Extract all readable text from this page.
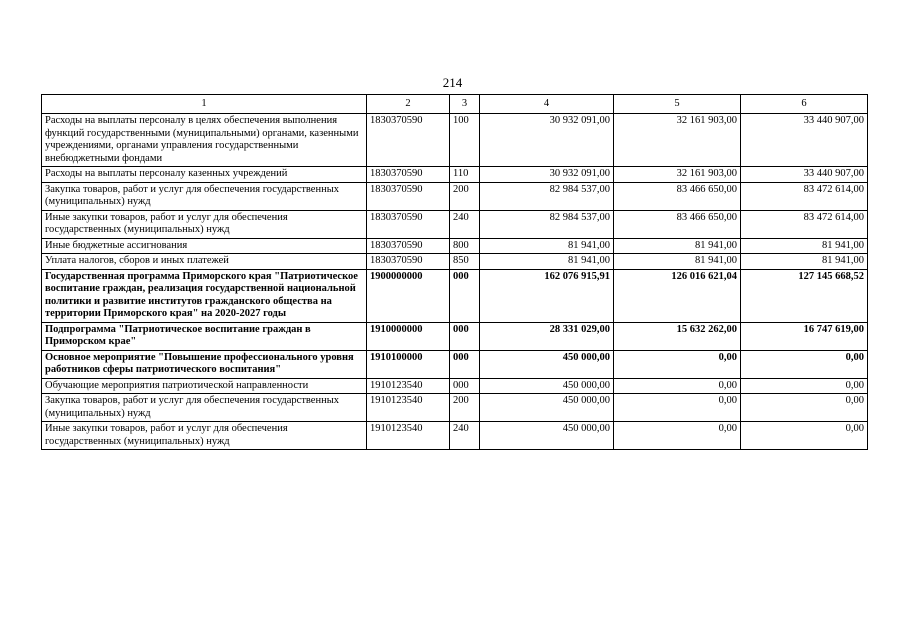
214
1	2	3	4	5	6
Расходы на выплаты персоналу в целях обеспечения выполнения функций государственными (муниципальными) органами, казенными учреждениями, органами управления государственными внебюджетными фондами	1830370590	100	30 932 091,00	32 161 903,00	33 440 907,00
Расходы на выплаты персоналу казенных учреждений	1830370590	110	30 932 091,00	32 161 903,00	33 440 907,00
Закупка товаров, работ и услуг для обеспечения государственных (муниципальных) нужд	1830370590	200	82 984 537,00	83 466 650,00	83 472 614,00
Иные закупки товаров, работ и услуг для обеспечения государственных (муниципальных) нужд	1830370590	240	82 984 537,00	83 466 650,00	83 472 614,00
Иные бюджетные ассигнования	1830370590	800	81 941,00	81 941,00	81 941,00
Уплата налогов, сборов и иных платежей	1830370590	850	81 941,00	81 941,00	81 941,00
Государственная программа Приморского края "Патриотическое воспитание граждан, реализация государственной национальной политики и развитие институтов гражданского общества на территории Приморского края" на 2020-2027 годы	1900000000	000	162 076 915,91	126 016 621,04	127 145 668,52
Подпрограмма "Патриотическое воспитание граждан в Приморском крае"	1910000000	000	28 331 029,00	15 632 262,00	16 747 619,00
Основное мероприятие "Повышение профессионального уровня работников сферы патриотического воспитания"	1910100000	000	450 000,00	0,00	0,00
Обучающие мероприятия патриотической направленности	1910123540	000	450 000,00	0,00	0,00
Закупка товаров, работ и услуг для обеспечения государственных (муниципальных) нужд	1910123540	200	450 000,00	0,00	0,00
Иные закупки товаров, работ и услуг для обеспечения государственных (муниципальных) нужд	1910123540	240	450 000,00	0,00	0,00
